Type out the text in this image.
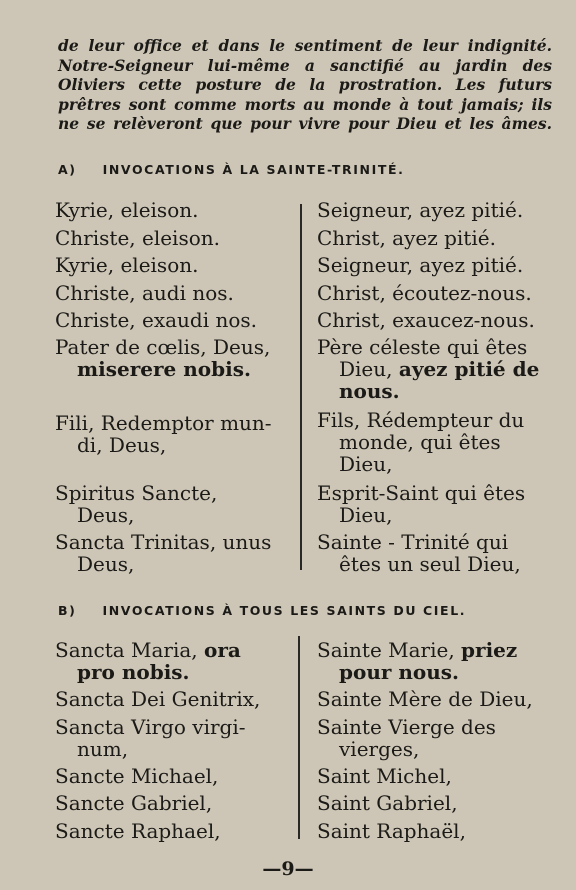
de leur office et dans le sentiment de leur indignité.

Notre-Seigneur lui-même a sanctifié au jardin des

Oliviers cette posture de la prostration. Les futurs

prêtres sont comme morts au monde à tout jamais; ils

ne se relèveront que pour vivre pour Dieu et les âmes.

A) INVOCATIONS À LA SAINTE-TRINITÉ.
Kyrie, eleison.
Christe, eleison.
Kyrie, eleison.
Christe, audi nos.
Christe, exaudi nos.
Pater de cœlis, Deus,
miserere nobis.
Fili, Redemptor mun-
di, Deus,
Spiritus Sancte,
Deus,
Sancta Trinitas, unus
Deus,
Seigneur, ayez pitié.
Christ, ayez pitié.
Seigneur, ayez pitié.
Christ, écoutez-nous.
Christ, exaucez-nous.
Père céleste qui êtes
Dieu, ayez pitié de
nous.
Fils, Rédempteur du
monde, qui êtes
Dieu,
Esprit-Saint qui êtes
Dieu,
Sainte - Trinité qui
êtes un seul Dieu,
B) INVOCATIONS À TOUS LES SAINTS DU CIEL.
Sancta Maria, ora
pro nobis.
Sancta Dei Genitrix,
Sancta Virgo virgi-
num,
Sancte Michael,
Sancte Gabriel,
Sancte Raphael,
Sainte Marie, priez
pour nous.
Sainte Mère de Dieu,
Sainte Vierge des
vierges,
Saint Michel,
Saint Gabriel,
Saint Raphaël,
—9—
